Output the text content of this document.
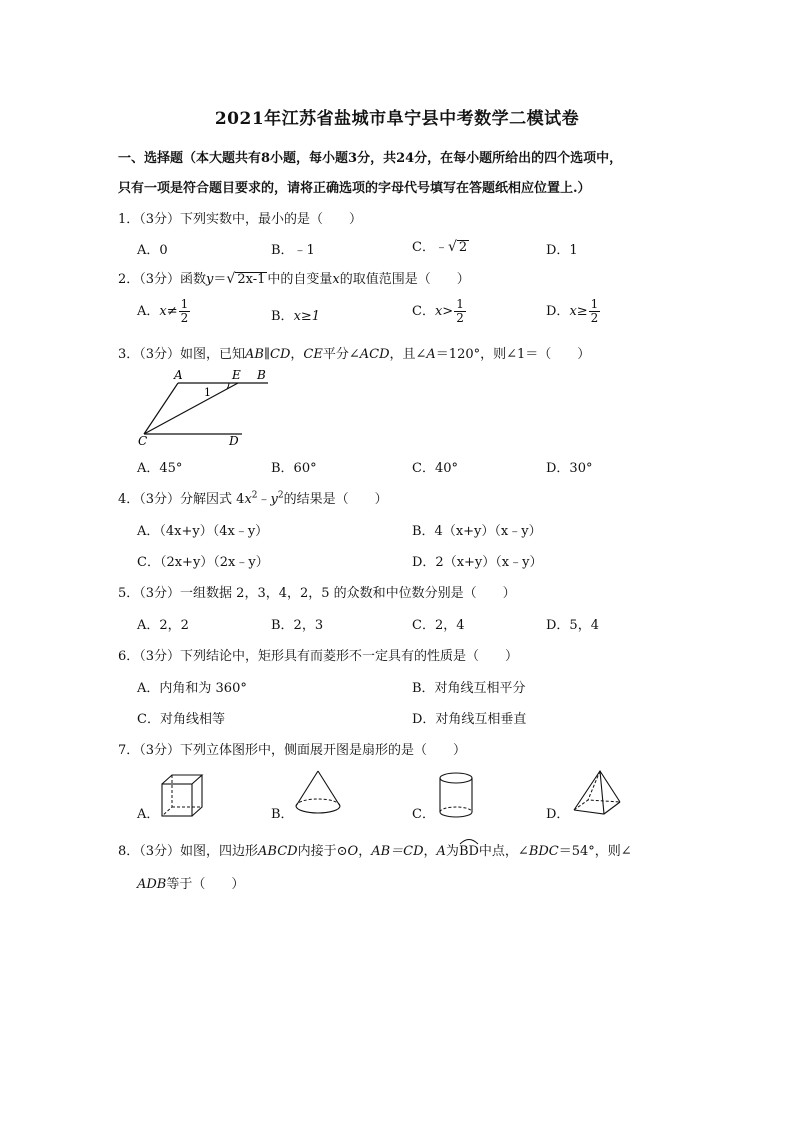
2021年江苏省盐城市阜宁县中考数学二模试卷
一、选择题（本大题共有8小题，每小题3分，共24分，在每小题所给出的四个选项中，
只有一项是符合题目要求的，请将正确选项的字母代号填写在答题纸相应位置上.）
1．（3分）下列实数中，最小的是（　　）
A．0	B．﹣1	C．﹣√ 2	D．1
2．（3分）函数y＝√ 2x-1 中的自变量x的取值范围是（　　）
A．$x\ne \frac{1}{2}$	B．x≥1	C．$x> \frac{1}{2}$	D．$x\ge \frac{1}{2}$
3．（3分）如图，已知AB∥CD，CE平分∠ACD，且∠A＝120°，则∠1＝（　　）
A	E B
1
C	D
A．45°	B．60°	C．40°	D．30°
4．（3分）分解因式 $4x^2﹣y^2$的结果是（　　）
A．（4x+y）（4x﹣y）	B．4（x+y）（x﹣y）
C．（2x+y）（2x﹣y）	D．2（x+y）（x﹣y）
5．（3分）一组数据 2，3，4，2，5 的众数和中位数分别是（　　）
A．2，2	B．2，3	C．2，4	D．5，4
6．（3分）下列结论中，矩形具有而菱形不一定具有的性质是（　　）
A．内角和为 360°	B．对角线互相平分
C．对角线相等	D．对角线互相垂直
7．（3分）下列立体图形中，侧面展开图是扇形的是（　　）
A．	B．	C．	D．
8．（3分）如图，四边形ABCD内接于⊙O，AB＝CD，A为
BD中点，∠BDC＝54°，则∠
ADB等于（　　）
